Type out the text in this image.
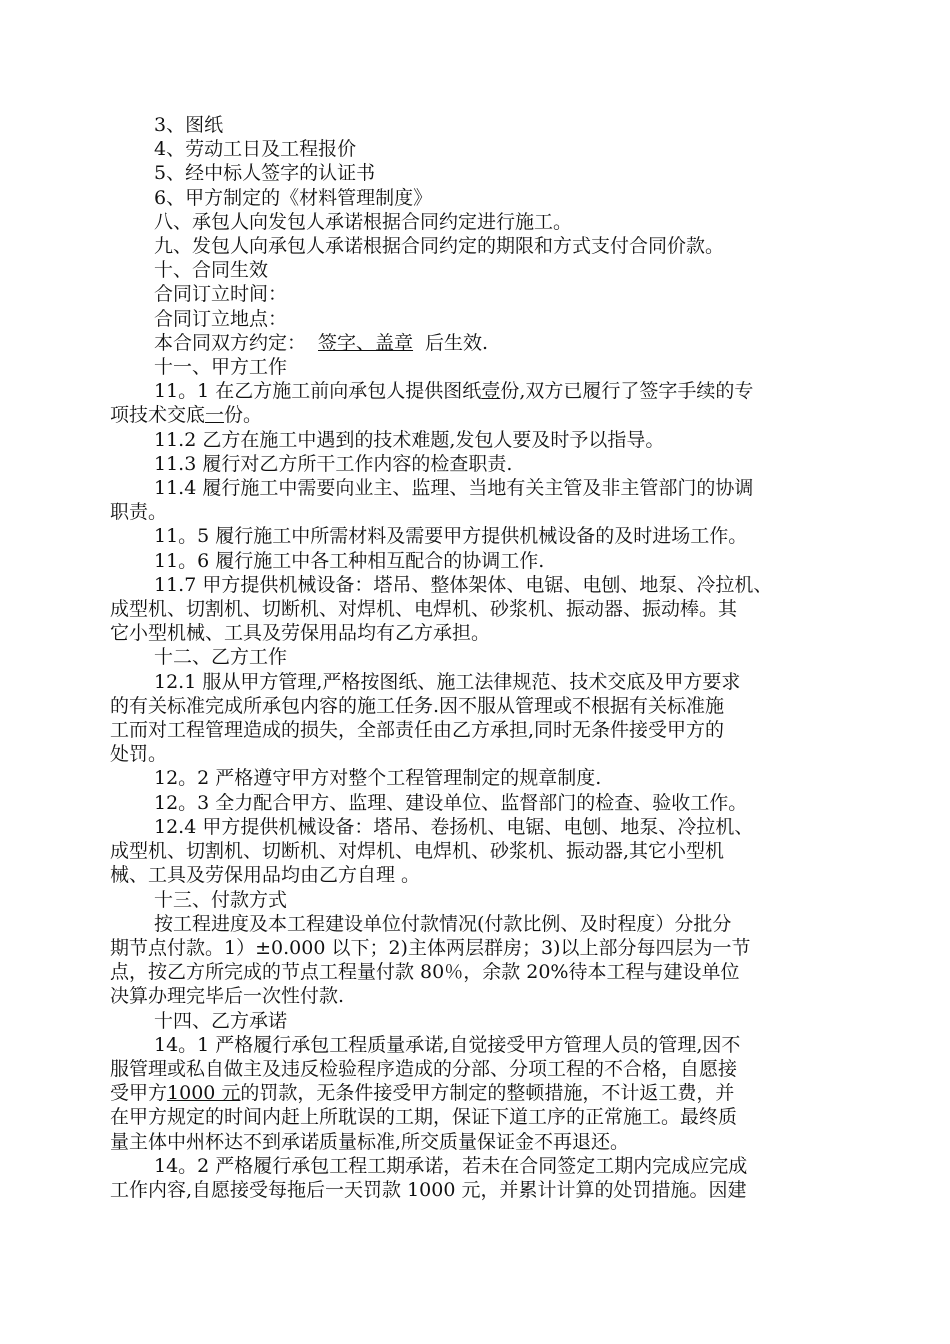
3、图纸
4、劳动工日及工程报价
5、经中标人签字的认证书
6、甲方制定的《材料管理制度》
八、承包人向发包人承诺根据合同约定进行施工。
九、发包人向承包人承诺根据合同约定的期限和方式支付合同价款。
十、合同生效
合同订立时间：
合同订立地点：
本合同双方约定： 签字、盖章 后生效.
十一、甲方工作
11。1 在乙方施工前向承包人提供图纸壹份,双方已履行了签字手续的专
项技术交底一份。
11.2 乙方在施工中遇到的技术难题,发包人要及时予以指导。
11.3 履行对乙方所干工作内容的检查职责.
11.4 履行施工中需要向业主、监理、当地有关主管及非主管部门的协调
职责。
11。5 履行施工中所需材料及需要甲方提供机械设备的及时进场工作。
11。6 履行施工中各工种相互配合的协调工作.
11.7 甲方提供机械设备：塔吊、整体架体、电锯、电刨、地泵、冷拉机、
成型机、切割机、切断机、对焊机、电焊机、砂浆机、振动器、振动棒。其
它小型机械、工具及劳保用品均有乙方承担。
十二、乙方工作
12.1 服从甲方管理,严格按图纸、施工法律规范、技术交底及甲方要求
的有关标准完成所承包内容的施工任务.因不服从管理或不根据有关标准施
工而对工程管理造成的损失，全部责任由乙方承担,同时无条件接受甲方的
处罚。
12。2 严格遵守甲方对整个工程管理制定的规章制度.
12。3 全力配合甲方、监理、建设单位、监督部门的检查、验收工作。
12.4 甲方提供机械设备：塔吊、卷扬机、电锯、电刨、地泵、冷拉机、
成型机、切割机、切断机、对焊机、电焊机、砂浆机、振动器,其它小型机
械、工具及劳保用品均由乙方自理 。
十三、付款方式
按工程进度及本工程建设单位付款情况(付款比例、及时程度）分批分
期节点付款。1）±0.000 以下；2)主体两层群房；3)以上部分每四层为一节
点，按乙方所完成的节点工程量付款 80％，余款 20%待本工程与建设单位
决算办理完毕后一次性付款.
十四、乙方承诺
14。1 严格履行承包工程质量承诺,自觉接受甲方管理人员的管理,因不
服管理或私自做主及违反检验程序造成的分部、分项工程的不合格，自愿接
受甲方1000 元的罚款，无条件接受甲方制定的整顿措施，不计返工费，并
在甲方规定的时间内赶上所耽误的工期，保证下道工序的正常施工。最终质
量主体中州杯达不到承诺质量标准,所交质量保证金不再退还。
14。2 严格履行承包工程工期承诺，若未在合同签定工期内完成应完成
工作内容,自愿接受每拖后一天罚款 1000 元，并累计计算的处罚措施。因建
